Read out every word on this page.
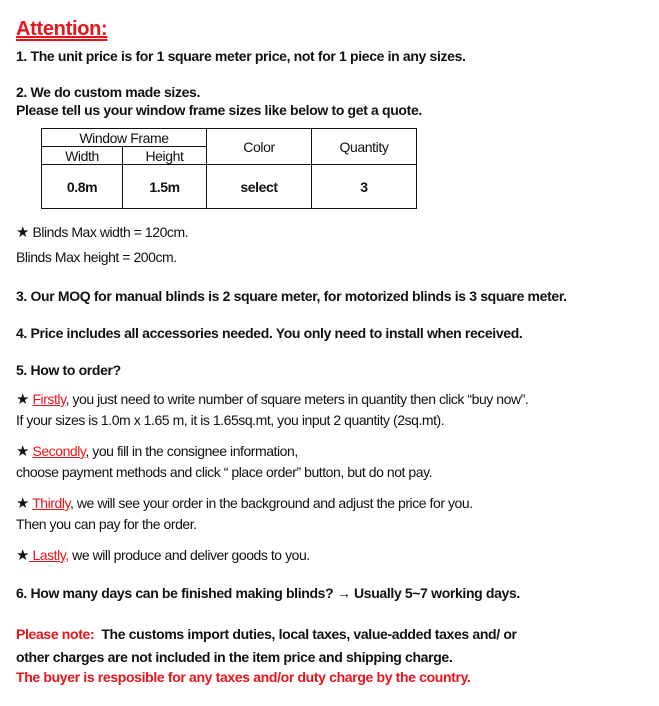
Attention:
1. The unit price is for 1 square meter price, not for 1 piece in any sizes.
2. We do custom made sizes.
Please tell us your window frame sizes like below to get a quote.
Window Frame		Color	Quantity
Width	Height		
0.8m	1.5m	select	3
★ Blinds Max width = 120cm.
Blinds Max height = 200cm.
3. Our MOQ for manual blinds is 2 square meter, for motorized blinds is 3 square meter.
4. Price includes all accessories needed. You only need to install when received.
5. How to order?
★ Firstly, you just need to write number of square meters in quantity then click “buy now”.
If your sizes is 1.0m x 1.65 m, it is 1.65sq.mt, you input 2 quantity (2sq.mt).
★ Secondly, you fill in the consignee information,
choose payment methods and click “ place order” button, but do not pay.
★ Thirdly, we will see your order in the background and adjust the price for you.
Then you can pay for the order.
★ Lastly, we will produce and deliver goods to you.
6. How many days can be finished making blinds? → Usually 5~7 working days.
Please note:  The customs import duties, local taxes, value-added taxes and/ or
other charges are not included in the item price and shipping charge.
The buyer is resposible for any taxes and/or duty charge by the country.
